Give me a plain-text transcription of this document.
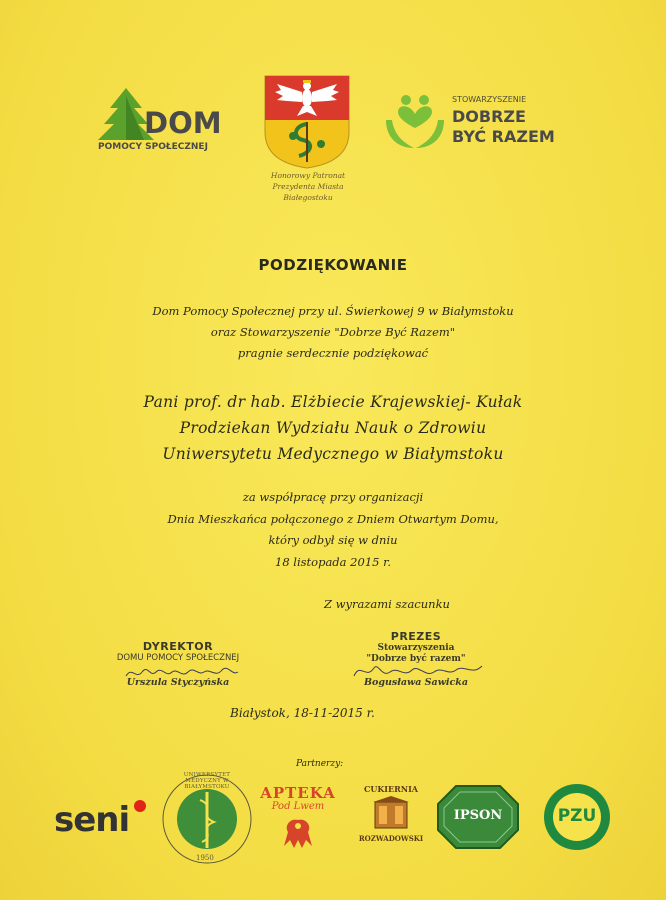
DOM
POMOCY SPOŁECZNEJ
Honorowy Patronat
Prezydenta Miasta
Białegostoku
STOWARZYSZENIE
DOBRZE
BYĆ RAZEM
PODZIĘKOWANIE
Dom Pomocy Społecznej przy ul. Świerkowej 9 w Białymstoku
oraz Stowarzyszenie "Dobrze Być Razem"
pragnie serdecznie podziękować
Pani prof. dr hab. Elżbiecie Krajewskiej- Kułak
Prodziekan Wydziału Nauk o Zdrowiu
Uniwersytetu Medycznego w Białymstoku
za współpracę przy organizacji
Dnia Mieszkańca połączonego z Dniem Otwartym Domu,
który odbył się w dniu
18 listopada 2015 r.
Z wyrazami szacunku
DYREKTOR
DOMU POMOCY SPOŁECZNEJ
Urszula Styczyńska
PREZES
Stowarzyszenia
"Dobrze być razem"
Bogusława Sawicka
Białystok, 18-11-2015 r.
Partnerzy:
seni
UNIWERSYTET MEDYCZNY W BIAŁYMSTOKU
1950
APTEKA
Pod Lwem
CUKIERNIA
ROZWADOWSKI
IPSON	PZU
